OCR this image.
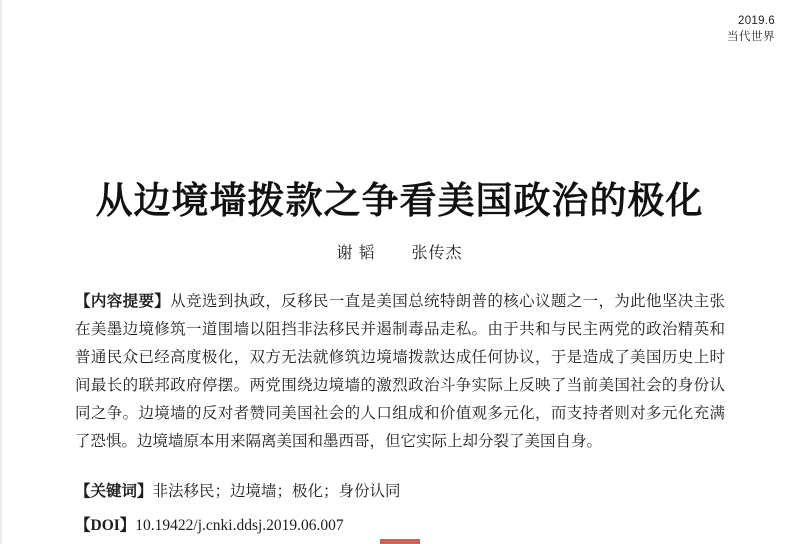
2019.6
当代世界
从边境墙拨款之争看美国政治的极化
谢 韬 张传杰
【内容提要】从竞选到执政，反移民一直是美国总统特朗普的核心议题之一，为此他坚决主张在美墨边境修筑一道围墙以阻挡非法移民并遏制毒品走私。由于共和与民主两党的政治精英和普通民众已经高度极化，双方无法就修筑边境墙拨款达成任何协议，于是造成了美国历史上时间最长的联邦政府停摆。两党围绕边境墙的激烈政治斗争实际上反映了当前美国社会的身份认同之争。边境墙的反对者赞同美国社会的人口组成和价值观多元化，而支持者则对多元化充满了恐惧。边境墙原本用来隔离美国和墨西哥，但它实际上却分裂了美国自身。
【关键词】非法移民；边境墙；极化；身份认同
【DOI】10.19422/j.cnki.ddsj.2019.06.007
